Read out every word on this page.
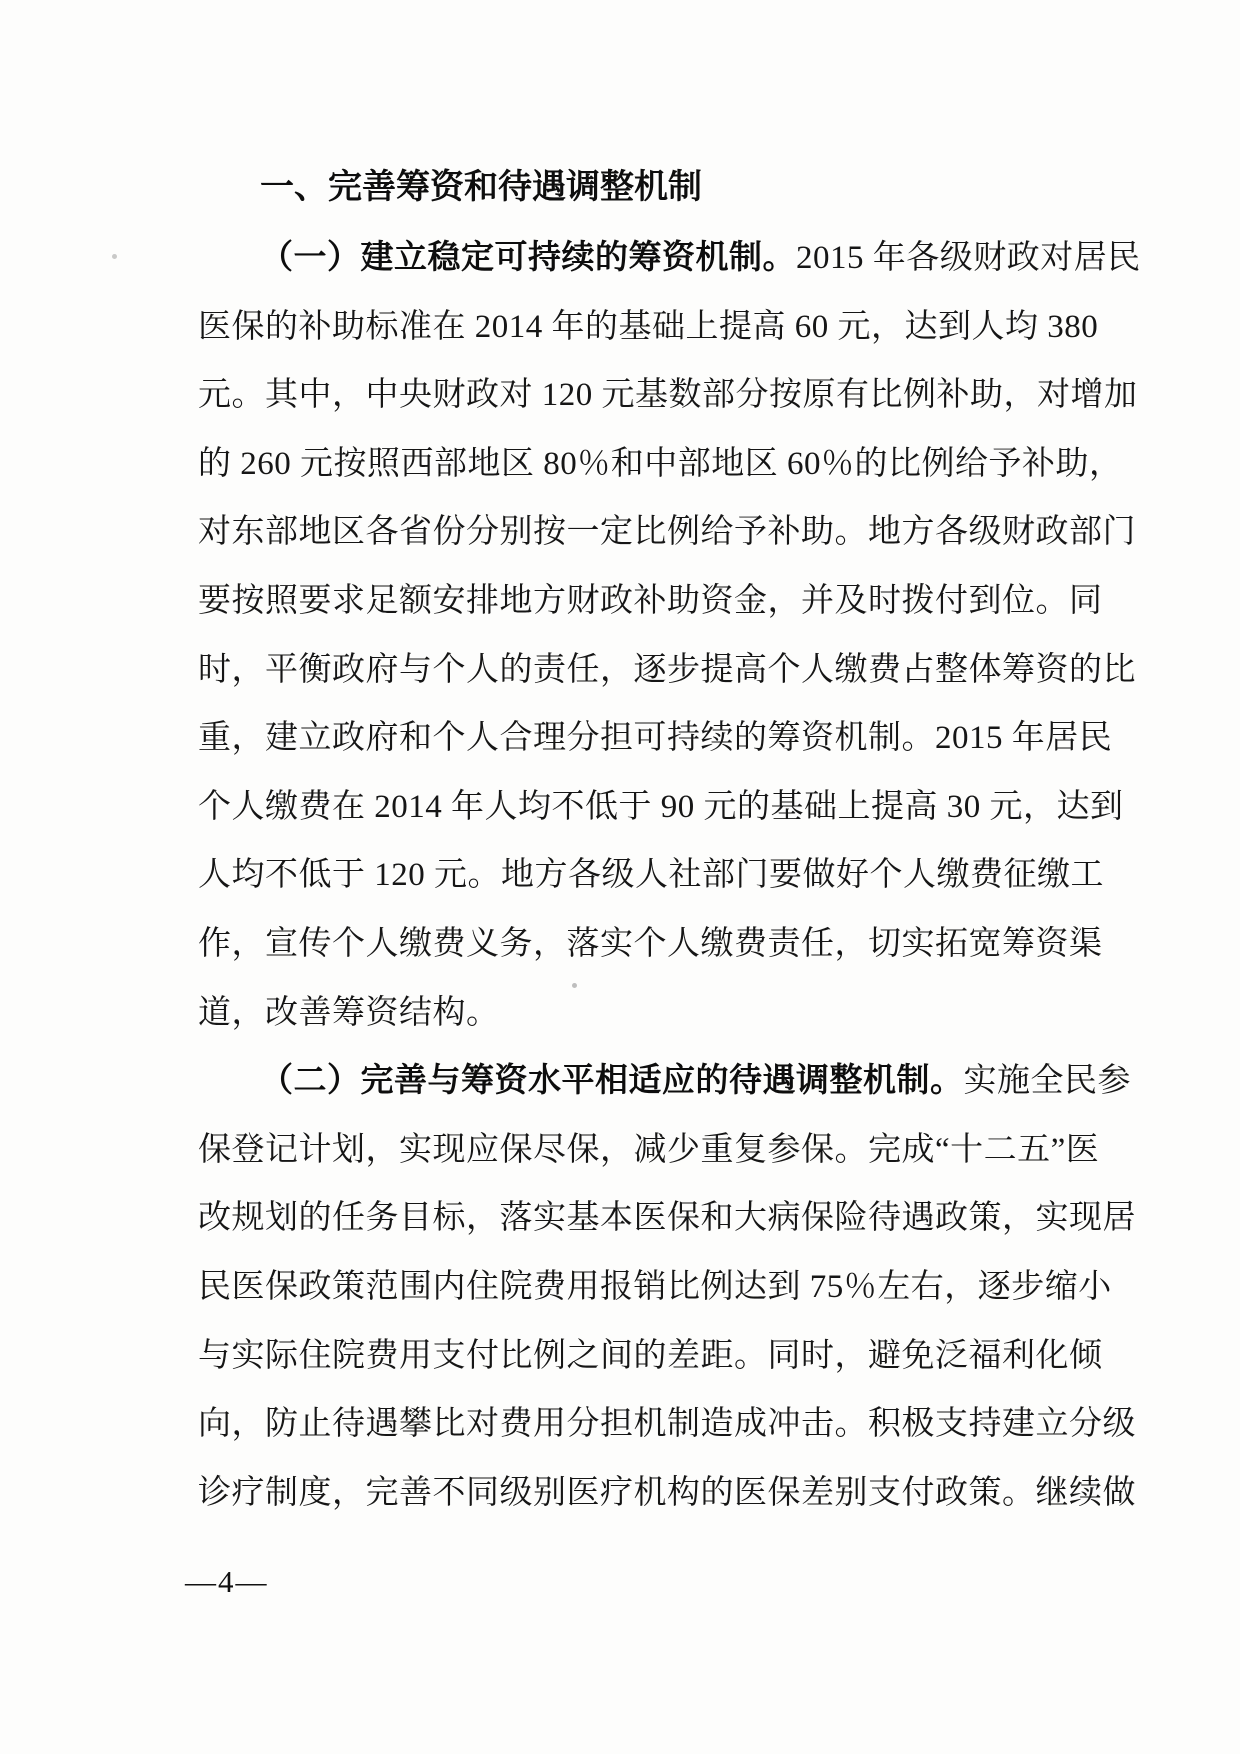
一、完善筹资和待遇调整机制
（一）建立稳定可持续的筹资机制。2015 年各级财政对居民
医保的补助标准在 2014 年的基础上提高 60 元，达到人均 380
元。其中，中央财政对 120 元基数部分按原有比例补助，对增加
的 260 元按照西部地区 80％和中部地区 60％的比例给予补助，
对东部地区各省份分别按一定比例给予补助。地方各级财政部门
要按照要求足额安排地方财政补助资金，并及时拨付到位。同
时，平衡政府与个人的责任，逐步提高个人缴费占整体筹资的比
重，建立政府和个人合理分担可持续的筹资机制。2015 年居民
个人缴费在 2014 年人均不低于 90 元的基础上提高 30 元，达到
人均不低于 120 元。地方各级人社部门要做好个人缴费征缴工
作，宣传个人缴费义务，落实个人缴费责任，切实拓宽筹资渠
道，改善筹资结构。
（二）完善与筹资水平相适应的待遇调整机制。实施全民参
保登记计划，实现应保尽保，减少重复参保。完成“十二五”医
改规划的任务目标，落实基本医保和大病保险待遇政策，实现居
民医保政策范围内住院费用报销比例达到 75％左右，逐步缩小
与实际住院费用支付比例之间的差距。同时，避免泛福利化倾
向，防止待遇攀比对费用分担机制造成冲击。积极支持建立分级
诊疗制度，完善不同级别医疗机构的医保差别支付政策。继续做
—4—
